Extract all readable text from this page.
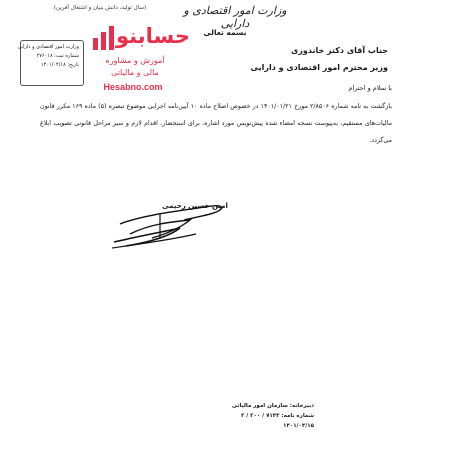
(سال تولید، دانش بنیان و اشتغال آفرین)	وزارت امور اقتصادی و دارایی
بسمه تعالی
وزارت امور اقتصادی و دارایی
شماره ثبت: ۲۷۶۰۱۸
تاریخ: ۱۴۰۱/۰۴/۱۸
حسابنو
آموزش و مشاوره
مالی و مالیاتی
Hesabno.com
جناب آقای دکتر خاندوزی
وزیر محترم امور اقتصادی و دارایی
با سلام و احترام
بازگشت به نامه شماره ۲/۸۵۰۶ مورخ ۱۴۰۱/۰۱/۲۱ در خصوص اصلاح ماده ۱۰ آیین‌نامه اجرایی موضوع تبصره (۵) ماده ۱۶۹ مکرر قانون مالیات‌های مستقیم، به‌پیوست نسخه امضاء شده پیش‌نویس مورد اشاره، برای استحضار، اقدام لازم و سیر مراحل قانونی تصویب ابلاغ می‌گردد.
امین حسین رحیمی
دبیرخانه: سازمان امور مالیاتی
شماره نامه: ۷۱۴۳ / ۲۰۰ / ۲
۱۴۰۱/۰۴/۱۵
